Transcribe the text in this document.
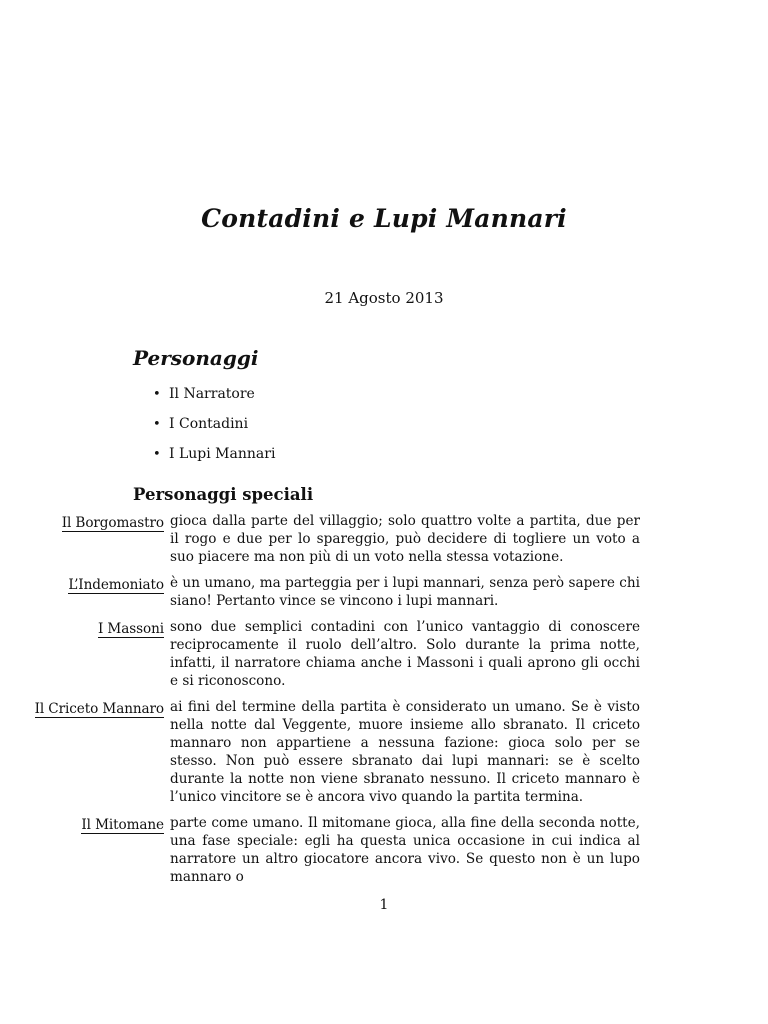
Contadini e Lupi Mannari
21 Agosto 2013
Personaggi
• Il Narratore
• I Contadini
• I Lupi Mannari
Personaggi speciali
Il Borgomastro gioca dalla parte del villaggio; solo quattro volte a partita, due per il rogo e due per lo spareggio, può decidere di togliere un voto a suo piacere ma non più di un voto nella stessa votazione.
L’Indemoniato è un umano, ma parteggia per i lupi mannari, senza però sapere chi siano! Pertanto vince se vincono i lupi mannari.
I Massoni sono due semplici contadini con l’unico vantaggio di conoscere reciprocamente il ruolo dell’altro. Solo durante la prima notte, infatti, il narratore chiama anche i Massoni i quali aprono gli occhi e si riconoscono.
Il Criceto Mannaro ai fini del termine della partita è considerato un umano. Se è visto nella notte dal Veggente, muore insieme allo sbranato. Il criceto mannaro non appartiene a nessuna fazione: gioca solo per se stesso. Non può essere sbranato dai lupi mannari: se è scelto durante la notte non viene sbranato nessuno. Il criceto mannaro è l’unico vincitore se è ancora vivo quando la partita termina.
Il Mitomane parte come umano. Il mitomane gioca, alla fine della seconda notte, una fase speciale: egli ha questa unica occasione in cui indica al narratore un altro giocatore ancora vivo. Se questo non è un lupo mannaro o
1
